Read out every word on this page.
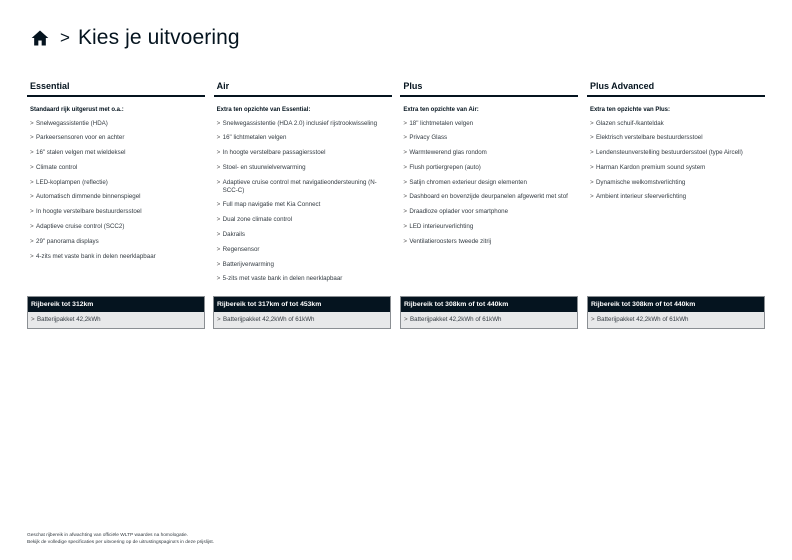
> Kies je uitvoering
Essential
Standaard rijk uitgerust met o.a.:
> Snelwegassistentie (HDA)
> Parkeersensoren voor en achter
> 16" stalen velgen met wieldeksel
> Climate control
> LED-koplampen (reflectie)
> Automatisch dimmende binnenspiegel
> In hoogte verstelbare bestuurdersstoel
> Adaptieve cruise control (SCC2)
> 29" panorama displays
> 4-zits met vaste bank in delen neerklapbaar
Air
Extra ten opzichte van Essential:
> Snelwegassistentie (HDA 2.0) inclusief rijstrookwisseling
> 16" lichtmetalen velgen
> In hoogte verstelbare passagiersstoel
> Stoel- en stuurwielverwarming
> Adaptieve cruise control met navigatieondersteuning (N-SCC-C)
> Full map navigatie met Kia Connect
> Dual zone climate control
> Dakrails
> Regensensor
> Batterijverwarming
> 5-zits met vaste bank in delen neerklapbaar
Plus
Extra ten opzichte van Air:
> 18" lichtmetalen velgen
> Privacy Glass
> Warmtewerend glas rondom
> Flush portiergrepen (auto)
> Satijn chromen exterieur design elementen
> Dashboard en bovenzijde deurpanelen afgewerkt met stof
> Draadloze oplader voor smartphone
> LED interieurverlichting
> Ventilatieroosters tweede zitrij
Plus Advanced
Extra ten opzichte van Plus:
> Glazen schuif-/kanteldak
> Elektrisch verstelbare bestuurdersstoel
> Lendensteunverstelling bestuurdersstoel (type Aircell)
> Harman Kardon premium sound system
> Dynamische welkomstverlichting
> Ambient interieur sfeerverlichting
Rijbereik tot 312km
> Batterijpakket 42,2kWh
Rijbereik tot 317km of tot 453km
> Batterijpakket 42,2kWh of 61kWh
Rijbereik tot 308km of tot 440km
> Batterijpakket 42,2kWh of 61kWh
Rijbereik tot 308km of tot 440km
> Batterijpakket 42,2kWh of 61kWh
Geschat rijbereik in afwachting van officiële WLTP waardes na homologatie.
Bekijk de volledige specificaties per uitvoering op de uitrustingspagina's in deze prijslijst.
